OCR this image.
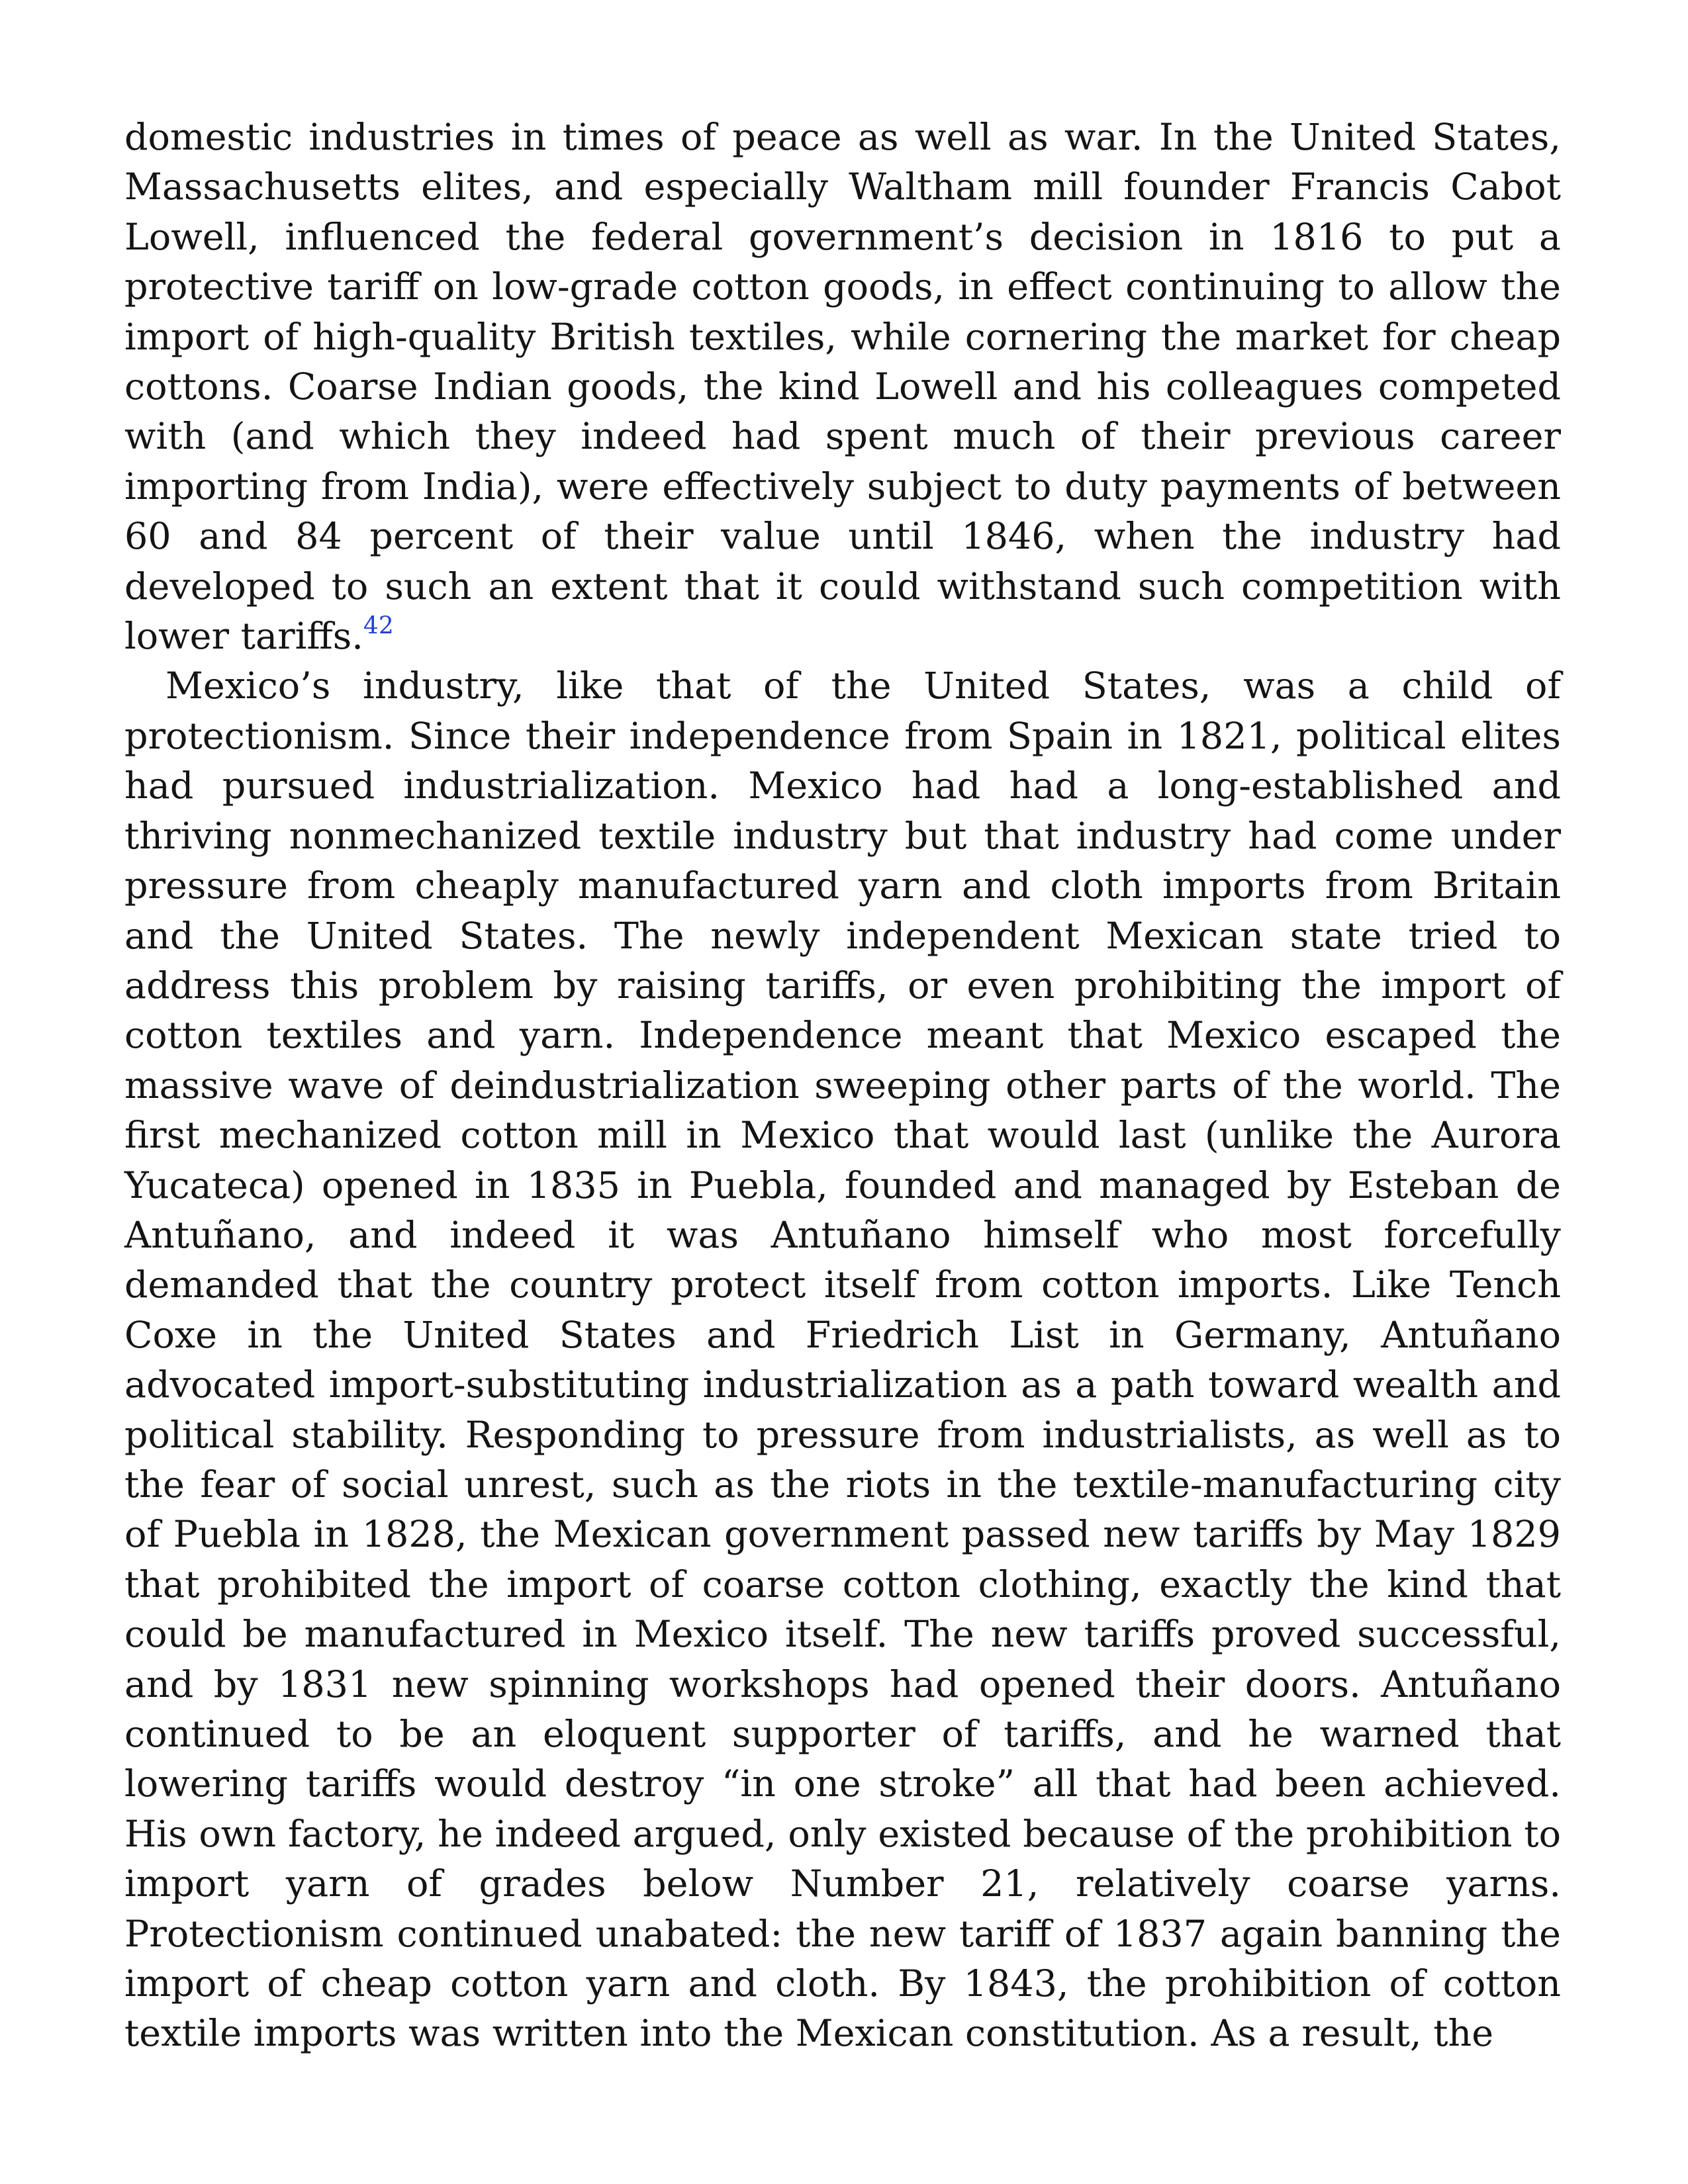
domestic industries in times of peace as well as war. In the United States, Massachusetts elites, and especially Waltham mill founder Francis Cabot Lowell, influenced the federal government’s decision in 1816 to put a protective tariff on low-grade cotton goods, in effect continuing to allow the import of high-quality British textiles, while cornering the market for cheap cottons. Coarse Indian goods, the kind Lowell and his colleagues competed with (and which they indeed had spent much of their previous career importing from India), were effectively subject to duty payments of between 60 and 84 percent of their value until 1846, when the industry had developed to such an extent that it could withstand such competition with lower tariffs.$^{42}$

Mexico’s industry, like that of the United States, was a child of protectionism. Since their independence from Spain in 1821, political elites had pursued industrialization. Mexico had had a long-established and thriving nonmechanized textile industry but that industry had come under pressure from cheaply manufactured yarn and cloth imports from Britain and the United States. The newly independent Mexican state tried to address this problem by raising tariffs, or even prohibiting the import of cotton textiles and yarn. Independence meant that Mexico escaped the massive wave of deindustrialization sweeping other parts of the world. The first mechanized cotton mill in Mexico that would last (unlike the Aurora Yucateca) opened in 1835 in Puebla, founded and managed by Esteban de Antuñano, and indeed it was Antuñano himself who most forcefully demanded that the country protect itself from cotton imports. Like Tench Coxe in the United States and Friedrich List in Germany, Antuñano advocated import-substituting industrialization as a path toward wealth and political stability. Responding to pressure from industrialists, as well as to the fear of social unrest, such as the riots in the textile-manufacturing city of Puebla in 1828, the Mexican government passed new tariffs by May 1829 that prohibited the import of coarse cotton clothing, exactly the kind that could be manufactured in Mexico itself. The new tariffs proved successful, and by 1831 new spinning workshops had opened their doors. Antuñano continued to be an eloquent supporter of tariffs, and he warned that lowering tariffs would destroy “in one stroke” all that had been achieved. His own factory, he indeed argued, only existed because of the prohibition to import yarn of grades below Number 21, relatively coarse yarns. Protectionism continued unabated: the new tariff of 1837 again banning the import of cheap cotton yarn and cloth. By 1843, the prohibition of cotton textile imports was written into the Mexican constitution. As a result, the
